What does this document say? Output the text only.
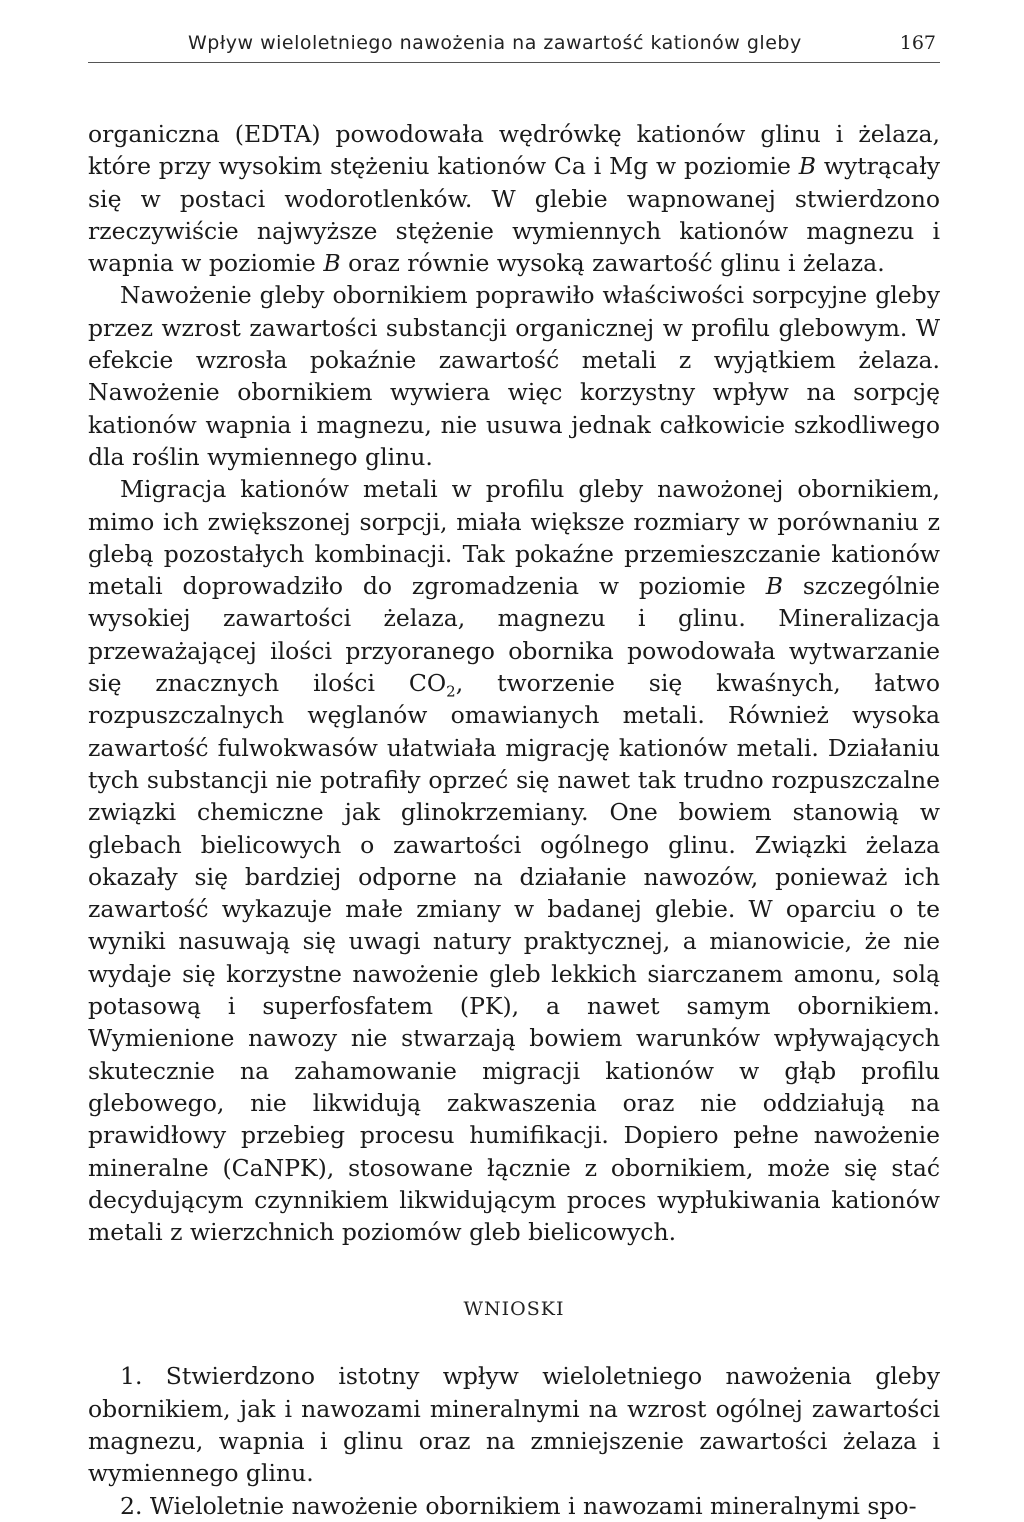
Wpływ wieloletniego nawożenia na zawartość kationów gleby	167

organiczna (EDTA) powodowała wędrówkę kationów glinu i żelaza, które przy wysokim stężeniu kationów Ca i Mg w poziomie B wytrącały się w postaci wodorotlenków. W glebie wapnowanej stwierdzono rzeczywiście najwyższe stężenie wymiennych kationów magnezu i wapnia w poziomie B oraz równie wysoką zawartość glinu i żelaza.

Nawożenie gleby obornikiem poprawiło właściwości sorpcyjne gleby przez wzrost zawartości substancji organicznej w profilu glebowym. W efekcie wzrosła pokaźnie zawartość metali z wyjątkiem żelaza. Nawożenie obornikiem wywiera więc korzystny wpływ na sorpcję kationów wapnia i magnezu, nie usuwa jednak całkowicie szkodliwego dla roślin wymiennego glinu.

Migracja kationów metali w profilu gleby nawożonej obornikiem, mimo ich zwiększonej sorpcji, miała większe rozmiary w porównaniu z glebą pozostałych kombinacji. Tak pokaźne przemieszczanie kationów metali doprowadziło do zgromadzenia w poziomie B szczególnie wysokiej zawartości żelaza, magnezu i glinu. Mineralizacja przeważającej ilości przyoranego obornika powodowała wytwarzanie się znacznych ilości $CO_2$, tworzenie się kwaśnych, łatwo rozpuszczalnych węglanów omawianych metali. Również wysoka zawartość fulwokwasów ułatwiała migrację kationów metali. Działaniu tych substancji nie potrafiły oprzeć się nawet tak trudno rozpuszczalne związki chemiczne jak glinokrzemiany. One bowiem stanowią w glebach bielicowych o zawartości ogólnego glinu. Związki żelaza okazały się bardziej odporne na działanie nawozów, ponieważ ich zawartość wykazuje małe zmiany w badanej glebie. W oparciu o te wyniki nasuwają się uwagi natury praktycznej, a mianowicie, że nie wydaje się korzystne nawożenie gleb lekkich siarczanem amonu, solą potasową i superfosfatem (PK), a nawet samym obornikiem. Wymienione nawozy nie stwarzają bowiem warunków wpływających skutecznie na zahamowanie migracji kationów w głąb profilu glebowego, nie likwidują zakwaszenia oraz nie oddziałują na prawidłowy przebieg procesu humifikacji. Dopiero pełne nawożenie mineralne (CaNPK), stosowane łącznie z obornikiem, może się stać decydującym czynnikiem likwidującym proces wypłukiwania kationów metali z wierzchnich poziomów gleb bielicowych.

WNIOSKI

1. Stwierdzono istotny wpływ wieloletniego nawożenia gleby obornikiem, jak i nawozami mineralnymi na wzrost ogólnej zawartości magnezu, wapnia i glinu oraz na zmniejszenie zawartości żelaza i wymiennego glinu.

2. Wieloletnie nawożenie obornikiem i nawozami mineralnymi spo-
